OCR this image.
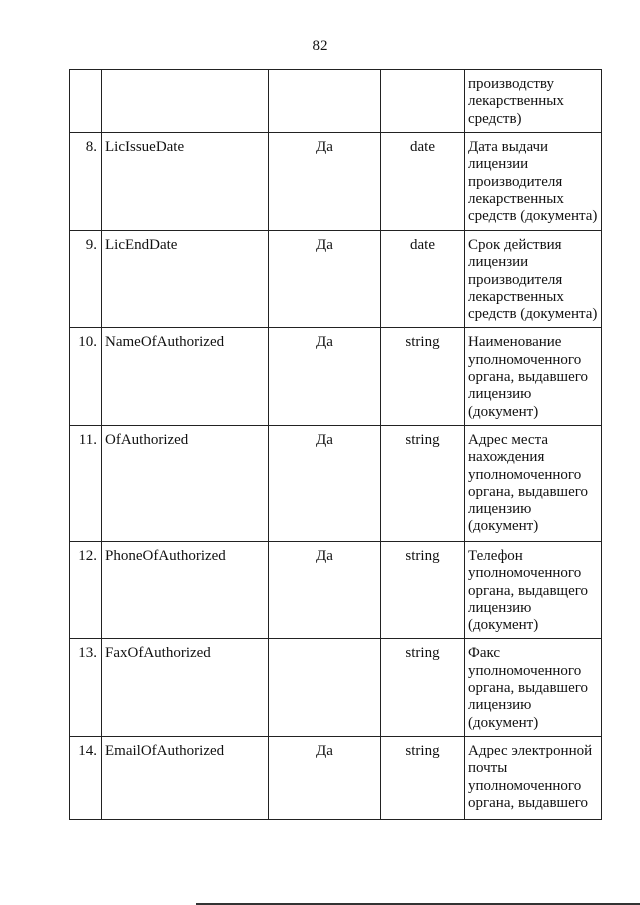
82
				производству лекарственных средств)
8.	LicIssueDate	Да	date	Дата выдачи лицензии производителя лекарственных средств (документа)
9.	LicEndDate	Да	date	Срок действия лицензии производителя лекарственных средств (документа)
10.	NameOfAuthorized	Да	string	Наименование уполномоченного органа, выдавшего лицензию (документ)
11.	OfAuthorized	Да	string	Адрес места нахождения уполномоченного органа, выдавшего лицензию (документ)
12.	PhoneOfAuthorized	Да	string	Телефон уполномоченного органа, выдавщего лицензию (документ)
13.	FaxOfAuthorized		string	Факс уполномоченного органа, выдавшего лицензию (документ)
14.	EmailOfAuthorized	Да	string	Адрес электронной почты уполномоченного органа, выдавшего
